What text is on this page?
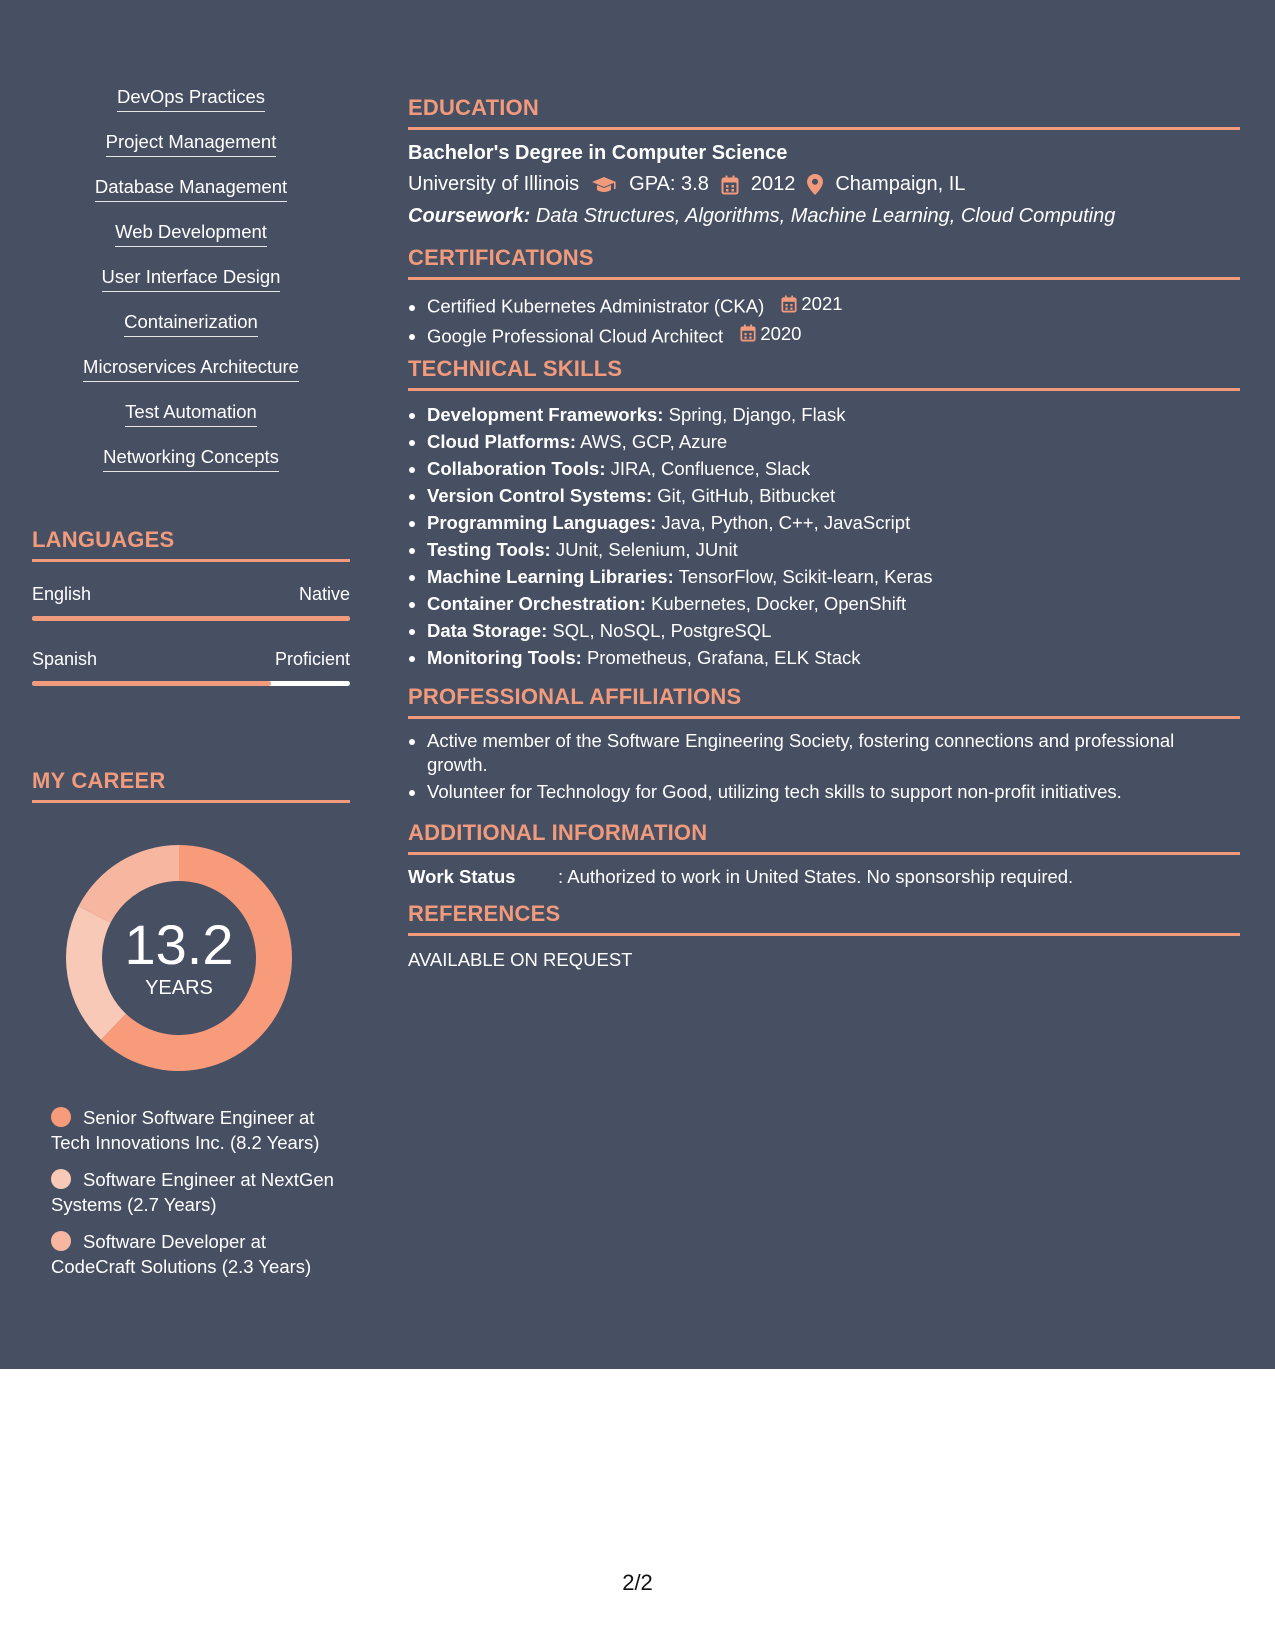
DevOps Practices
Project Management
Database Management
Web Development
User Interface Design
Containerization
Microservices Architecture
Test Automation
Networking Concepts
LANGUAGES
English	Native
Spanish	Proficient
MY CAREER
13.2
YEARS
Senior Software Engineer at Tech Innovations Inc. (8.2 Years)
Software Engineer at NextGen Systems (2.7 Years)
Software Developer at CodeCraft Solutions (2.3 Years)
EDUCATION
Bachelor's Degree in Computer Science
University of Illinois	GPA: 3.8 2012 Champaign, IL
Coursework: Data Structures, Algorithms, Machine Learning, Cloud Computing
CERTIFICATIONS
• Certified Kubernetes Administrator (CKA) 2021
• Google Professional Cloud Architect 2020
TECHNICAL SKILLS
• Development Frameworks: Spring, Django, Flask
• Cloud Platforms: AWS, GCP, Azure
• Collaboration Tools: JIRA, Confluence, Slack
• Version Control Systems: Git, GitHub, Bitbucket
• Programming Languages: Java, Python, C++, JavaScript
• Testing Tools: JUnit, Selenium, JUnit
• Machine Learning Libraries: TensorFlow, Scikit-learn, Keras
• Container Orchestration: Kubernetes, Docker, OpenShift
• Data Storage: SQL, NoSQL, PostgreSQL
• Monitoring Tools: Prometheus, Grafana, ELK Stack
PROFESSIONAL AFFILIATIONS
• Active member of the Software Engineering Society, fostering connections and professional growth.
• Volunteer for Technology for Good, utilizing tech skills to support non-profit initiatives.
ADDITIONAL INFORMATION
Work Status	: Authorized to work in United States. No sponsorship required.
REFERENCES
AVAILABLE ON REQUEST
2/2
